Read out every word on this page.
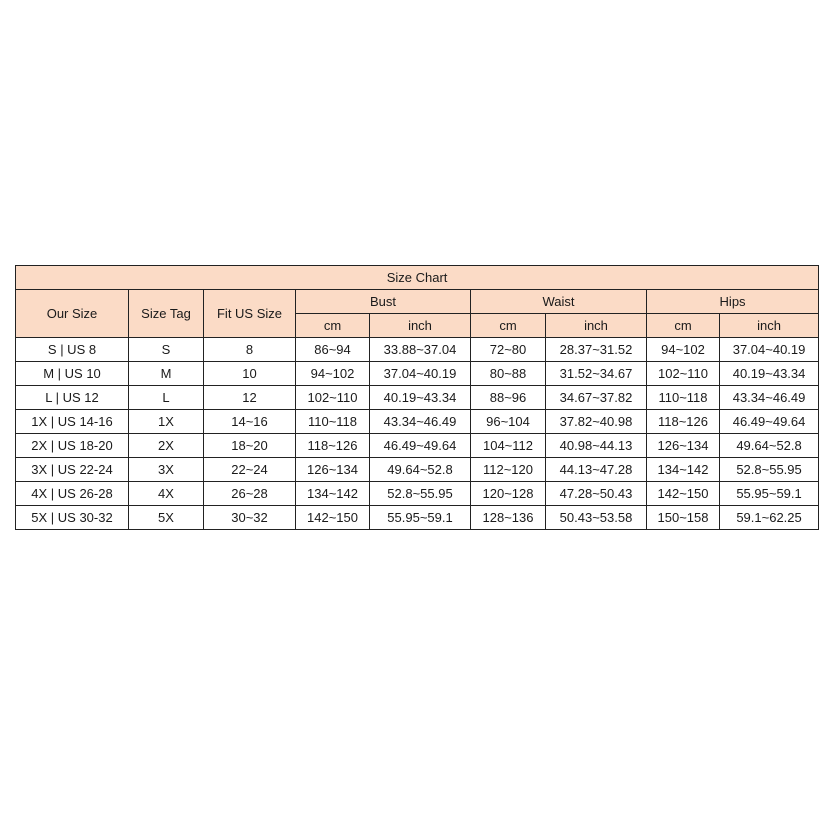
Size Chart								
Our Size	Size Tag	Fit US Size	Bust		Waist		Hips	
			cm	inch	cm	inch	cm	inch
S | US 8	S	8	86~94	33.88~37.04	72~80	28.37~31.52	94~102	37.04~40.19
M | US 10	M	10	94~102	37.04~40.19	80~88	31.52~34.67	102~110	40.19~43.34
L | US 12	L	12	102~110	40.19~43.34	88~96	34.67~37.82	110~118	43.34~46.49
1X | US 14-16	1X	14~16	110~118	43.34~46.49	96~104	37.82~40.98	118~126	46.49~49.64
2X | US 18-20	2X	18~20	118~126	46.49~49.64	104~112	40.98~44.13	126~134	49.64~52.8
3X | US 22-24	3X	22~24	126~134	49.64~52.8	112~120	44.13~47.28	134~142	52.8~55.95
4X | US 26-28	4X	26~28	134~142	52.8~55.95	120~128	47.28~50.43	142~150	55.95~59.1
5X | US 30-32	5X	30~32	142~150	55.95~59.1	128~136	50.43~53.58	150~158	59.1~62.25
